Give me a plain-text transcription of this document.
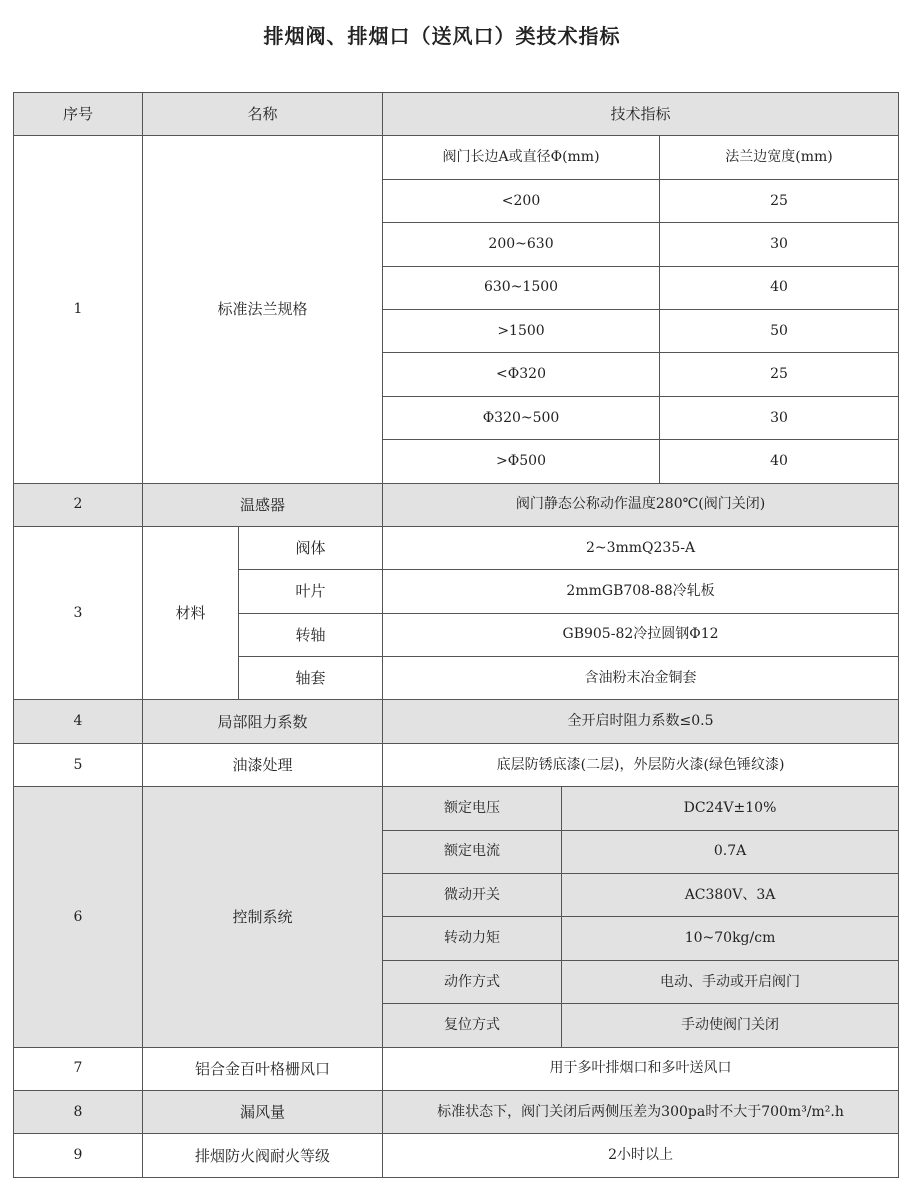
排烟阀、排烟口（送风口）类技术指标
序号	名称		技术指标		
1	标准法兰规格		阀门长边A或直径Φ(mm)		法兰边宽度(mm)
			<200		25
			200~630		30
			630~1500		40
			>1500		50
			<Φ320		25
			Φ320~500		30
			>Φ500		40
2	温感器		阀门静态公称动作温度280℃(阀门关闭)		
3	材料	阀体	2~3mmQ235-A		
		叶片	2mmGB708-88冷轧板		
		转轴	GB905-82冷拉圆钢Φ12		
		轴套	含油粉末冶金铜套		
4	局部阻力系数		全开启时阻力系数≤0.5		
5	油漆处理		底层防锈底漆(二层)，外层防火漆(绿色锤纹漆)		
6	控制系统		额定电压	DC24V±10%	
			额定电流	0.7A	
			微动开关	AC380V、3A	
			转动力矩	10~70kg/cm	
			动作方式	电动、手动或开启阀门	
			复位方式	手动使阀门关闭	
7	铝合金百叶格栅风口		用于多叶排烟口和多叶送风口		
8	漏风量		标准状态下，阀门关闭后两侧压差为300pa时不大于700m³/m².h		
9	排烟防火阀耐火等级		2小时以上		
